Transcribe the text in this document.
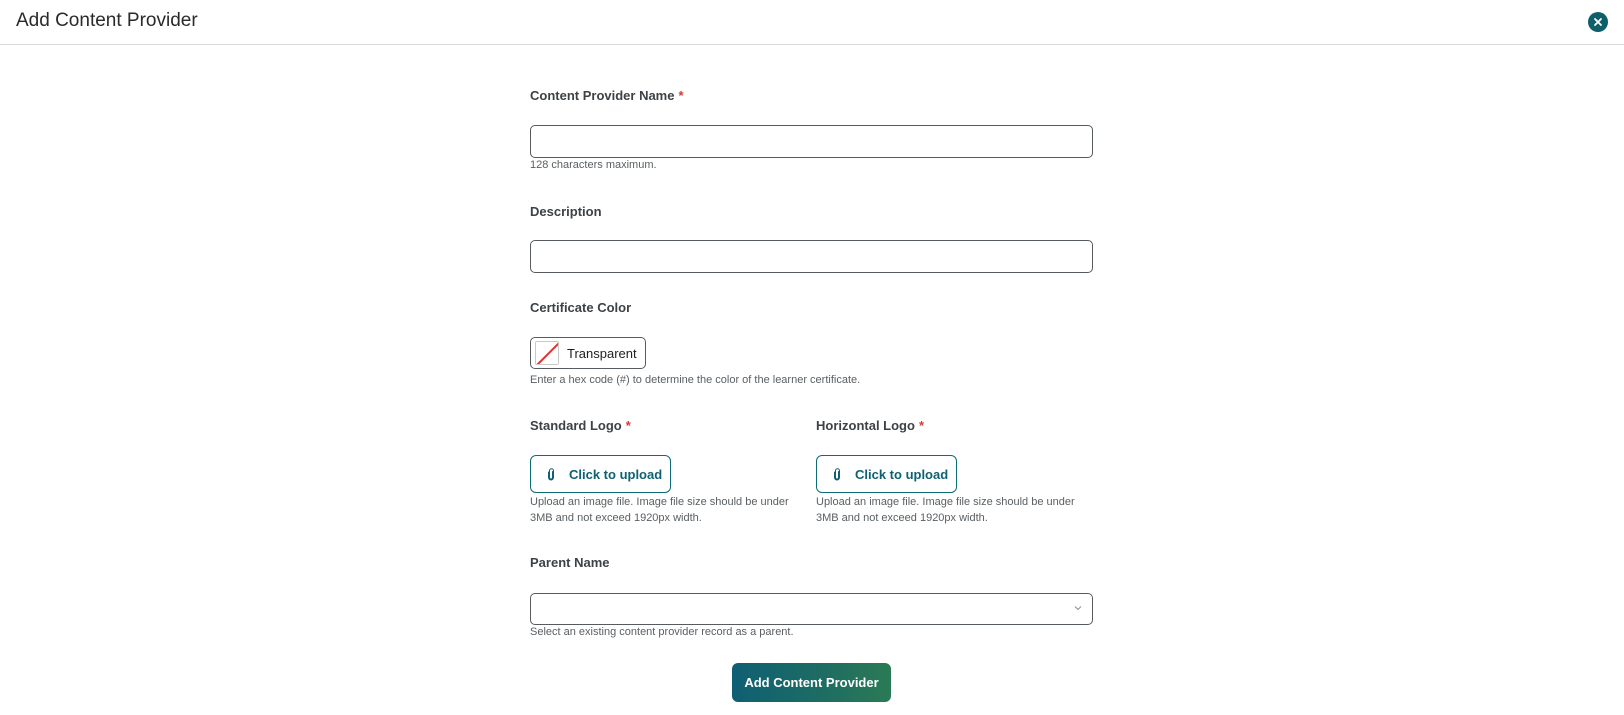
Add Content Provider
Content Provider Name *
128 characters maximum.
Description
Certificate Color
Transparent
Enter a hex code (#) to determine the color of the learner certificate.
Standard Logo *
Click to upload
Upload an image file. Image file size should be under 3MB and not exceed 1920px width.
Horizontal Logo *
Click to upload
Upload an image file. Image file size should be under 3MB and not exceed 1920px width.
Parent Name
Select an existing content provider record as a parent.
Add Content Provider
